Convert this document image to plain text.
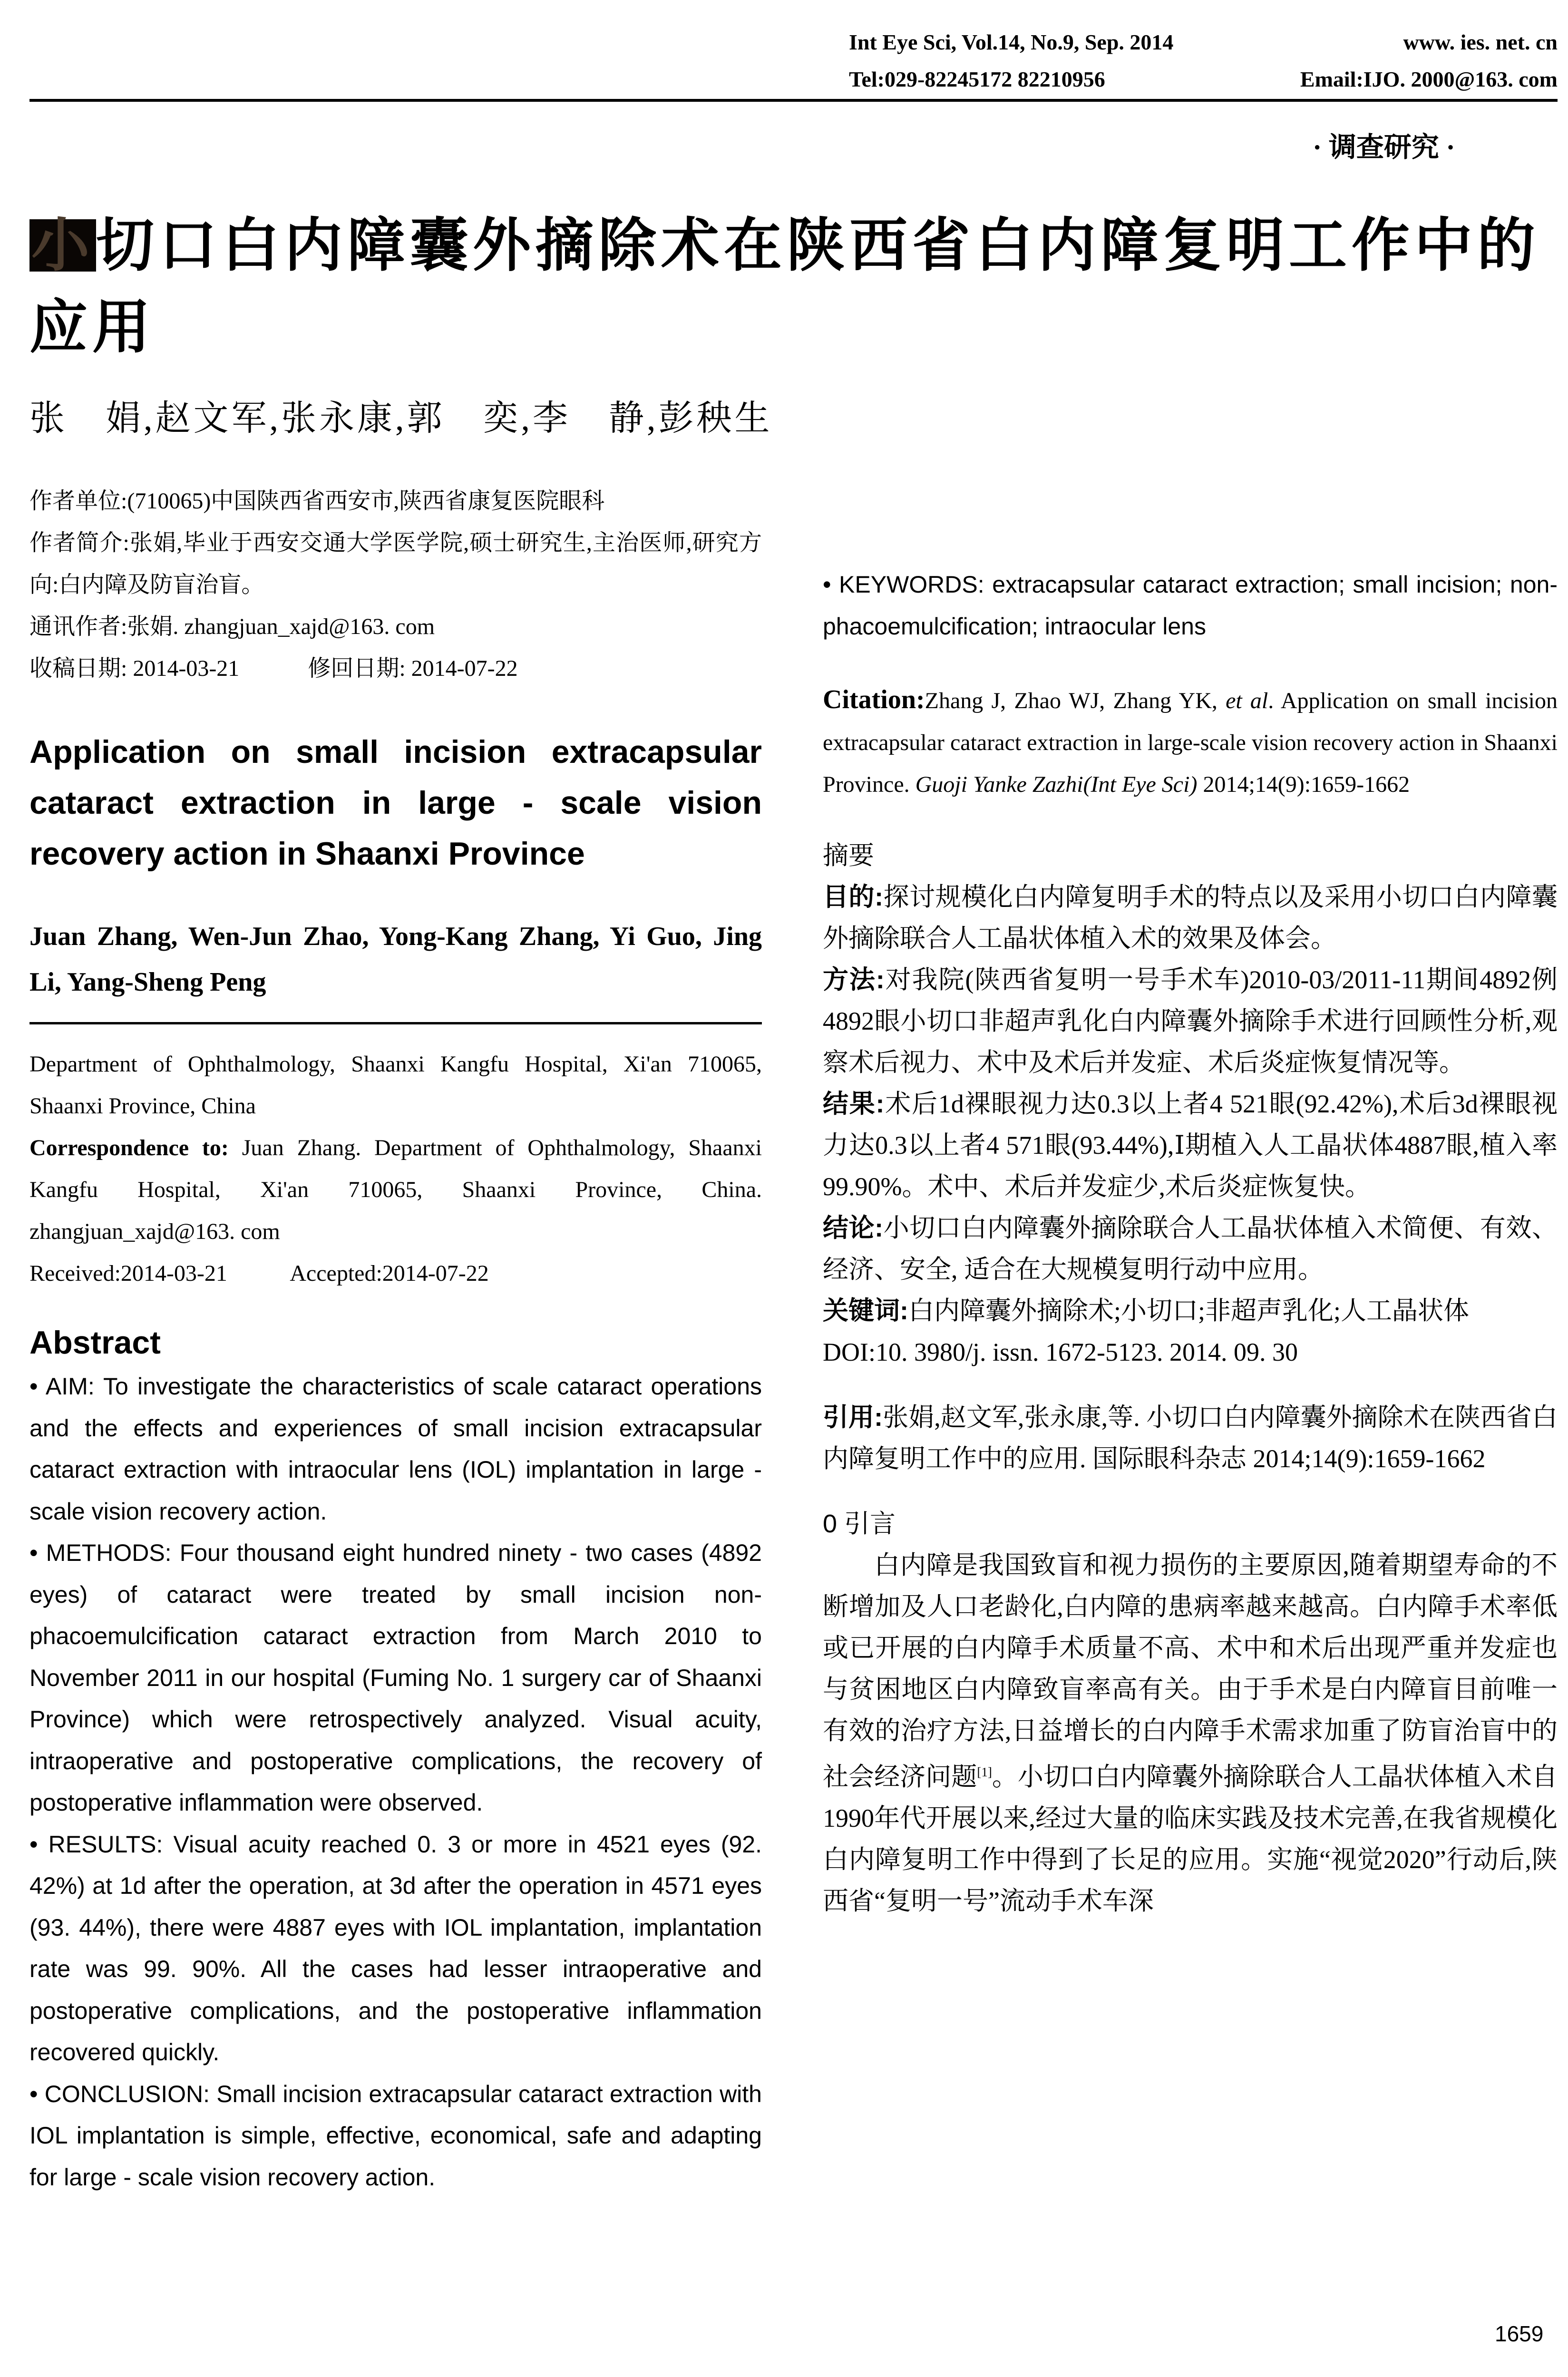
Int Eye Sci, Vol.14, No.9, Sep. 2014	www. ies. net. cn
Tel:029-82245172 82210956	Email:IJO. 2000@163. com
· 调查研究 ·
小切口白内障囊外摘除术在陕西省白内障复明工作中的应用
张　娟,赵文军,张永康,郭　奕,李　静,彭秧生

作者单位:(710065)中国陕西省西安市,陕西省康复医院眼科

作者简介:张娟,毕业于西安交通大学医学院,硕士研究生,主治医师,研究方向:白内障及防盲治盲。

通讯作者:张娟. zhangjuan_xajd@163. com

收稿日期: 2014-03-21	修回日期: 2014-07-22

Application on small incision extracapsular cataract extraction in large - scale vision recovery action in Shaanxi Province

Juan Zhang, Wen-Jun Zhao, Yong-Kang Zhang, Yi Guo, Jing Li, Yang-Sheng Peng

Department of Ophthalmology, Shaanxi Kangfu Hospital, Xi'an 710065, Shaanxi Province, China

Correspondence to: Juan Zhang. Department of Ophthalmology, Shaanxi Kangfu Hospital, Xi'an 710065, Shaanxi Province, China. zhangjuan_xajd@163. com

Received:2014-03-21	Accepted:2014-07-22

Abstract

• AIM: To investigate the characteristics of scale cataract operations and the effects and experiences of small incision extracapsular cataract extraction with intraocular lens (IOL) implantation in large - scale vision recovery action.

• METHODS: Four thousand eight hundred ninety - two cases (4892 eyes) of cataract were treated by small incision non-phacoemulcification cataract extraction from March 2010 to November 2011 in our hospital (Fuming No. 1 surgery car of Shaanxi Province) which were retrospectively analyzed. Visual acuity, intraoperative and postoperative complications, the recovery of postoperative inflammation were observed.

• RESULTS: Visual acuity reached 0. 3 or more in 4521 eyes (92. 42%) at 1d after the operation, at 3d after the operation in 4571 eyes (93. 44%), there were 4887 eyes with IOL implantation, implantation rate was 99. 90%. All the cases had lesser intraoperative and postoperative complications, and the postoperative inflammation recovered quickly.

• CONCLUSION: Small incision extracapsular cataract extraction with IOL implantation is simple, effective, economical, safe and adapting for large - scale vision recovery action.

• KEYWORDS: extracapsular cataract extraction; small incision; non-phacoemulcification; intraocular lens

Citation:Zhang J, Zhao WJ, Zhang YK, et al. Application on small incision extracapsular cataract extraction in large-scale vision recovery action in Shaanxi Province. Guoji Yanke Zazhi(Int Eye Sci) 2014;14(9):1659-1662

摘要

目的:探讨规模化白内障复明手术的特点以及采用小切口白内障囊外摘除联合人工晶状体植入术的效果及体会。

方法:对我院(陕西省复明一号手术车)2010-03/2011-11期间4892例4892眼小切口非超声乳化白内障囊外摘除手术进行回顾性分析,观察术后视力、术中及术后并发症、术后炎症恢复情况等。

结果:术后1d裸眼视力达0.3以上者4 521眼(92.42%),术后3d裸眼视力达0.3以上者4 571眼(93.44%),Ⅰ期植入人工晶状体4887眼,植入率99.90%。术中、术后并发症少,术后炎症恢复快。

结论:小切口白内障囊外摘除联合人工晶状体植入术简便、有效、经济、安全, 适合在大规模复明行动中应用。

关键词:白内障囊外摘除术;小切口;非超声乳化;人工晶状体

DOI:10. 3980/j. issn. 1672-5123. 2014. 09. 30

引用:张娟,赵文军,张永康,等. 小切口白内障囊外摘除术在陕西省白内障复明工作中的应用. 国际眼科杂志 2014;14(9):1659-1662

0 引言

白内障是我国致盲和视力损伤的主要原因,随着期望寿命的不断增加及人口老龄化,白内障的患病率越来越高。白内障手术率低或已开展的白内障手术质量不高、术中和术后出现严重并发症也与贫困地区白内障致盲率高有关。由于手术是白内障盲目前唯一有效的治疗方法,日益增长的白内障手术需求加重了防盲治盲中的社会经济问题[1]。小切口白内障囊外摘除联合人工晶状体植入术自1990年代开展以来,经过大量的临床实践及技术完善,在我省规模化白内障复明工作中得到了长足的应用。实施“视觉2020”行动后,陕西省“复明一号”流动手术车深

1659
